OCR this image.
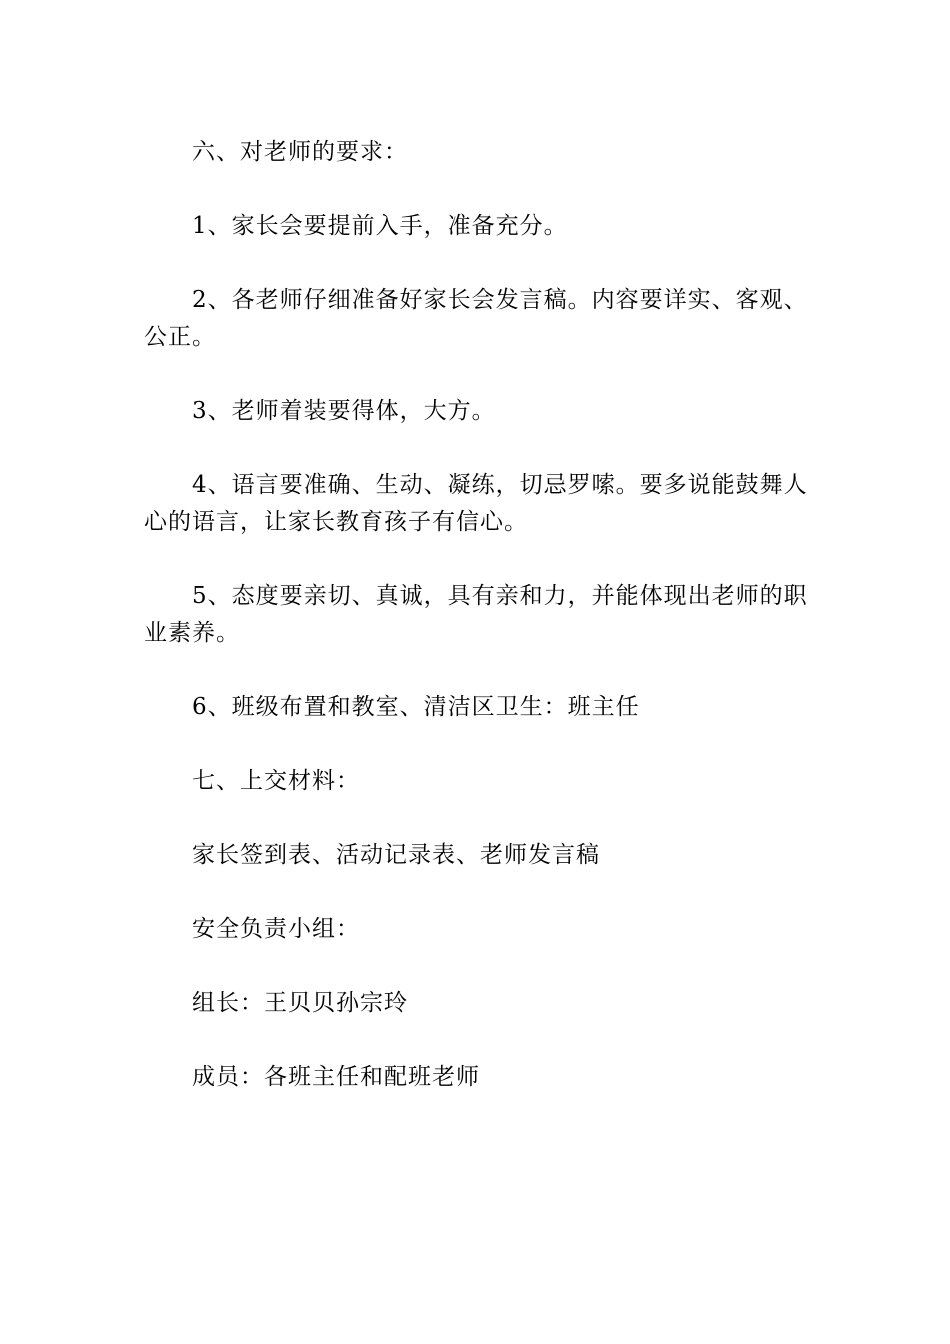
六、对老师的要求：

1、家长会要提前入手，准备充分。

2、各老师仔细准备好家长会发言稿。内容要详实、客观、公正。

3、老师着装要得体，大方。

4、语言要准确、生动、凝练，切忌罗嗦。要多说能鼓舞人心的语言，让家长教育孩子有信心。

5、态度要亲切、真诚，具有亲和力，并能体现出老师的职业素养。

6、班级布置和教室、清洁区卫生：班主任

七、上交材料：

家长签到表、活动记录表、老师发言稿

安全负责小组：

组长：王贝贝孙宗玲

成员：各班主任和配班老师
